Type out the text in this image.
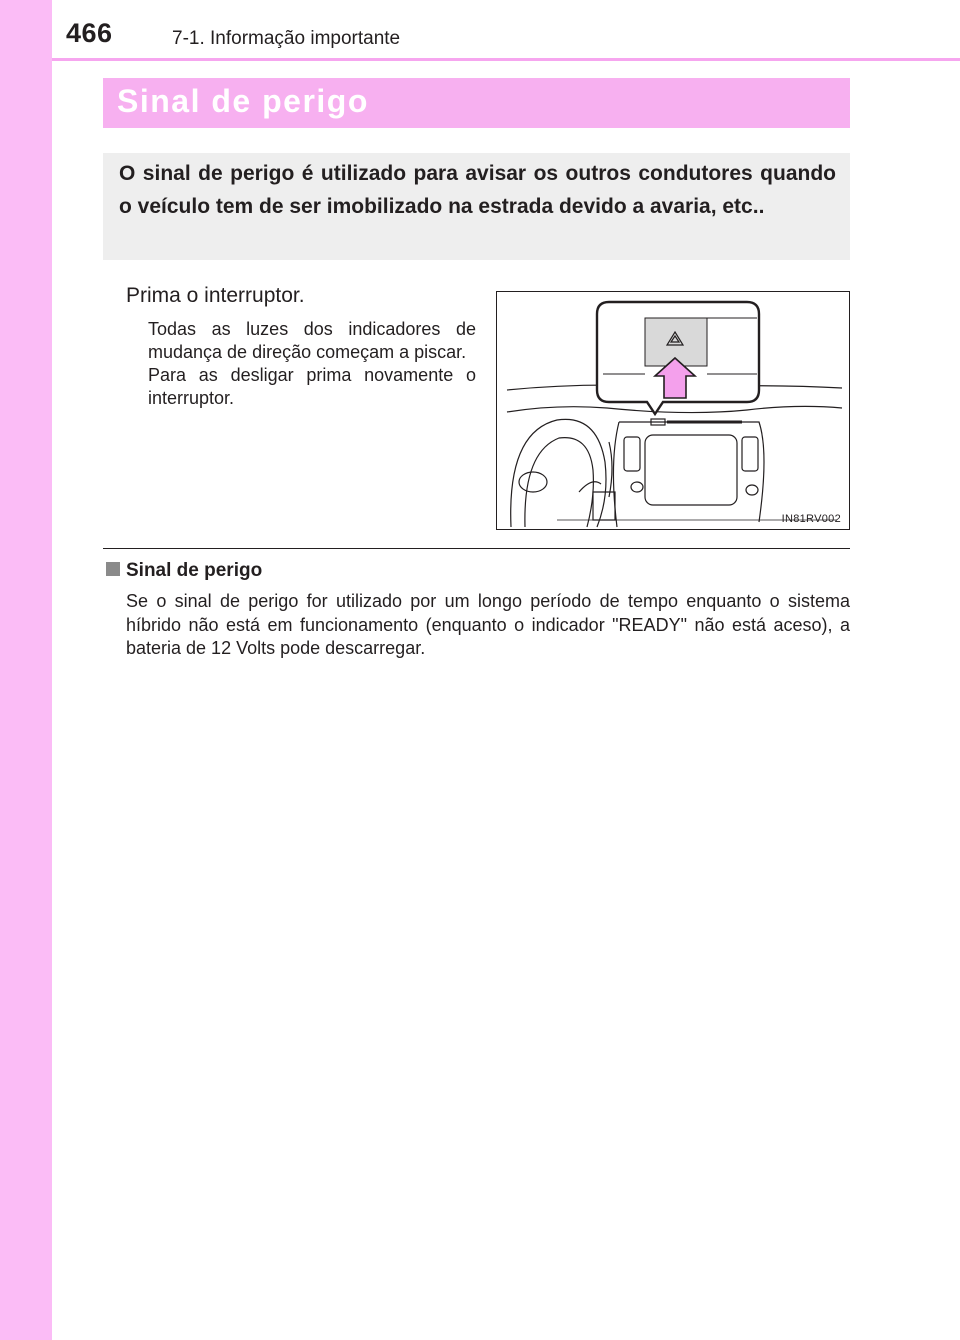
466	7-1. Informação importante
Sinal de perigo
O sinal de perigo é utilizado para avisar os outros condutores quando o veículo tem de ser imobilizado na estrada devido a avaria, etc..
Prima o interruptor.

Todas as luzes dos indicadores de mudança de direção começam a piscar.

Para as desligar prima novamente o interruptor.

IN81RV002
Sinal de perigo
Se o sinal de perigo for utilizado por um longo período de tempo enquanto o sistema híbrido não está em funcionamento (enquanto o indicador "READY" não está aceso), a bateria de 12 Volts pode descarregar.
